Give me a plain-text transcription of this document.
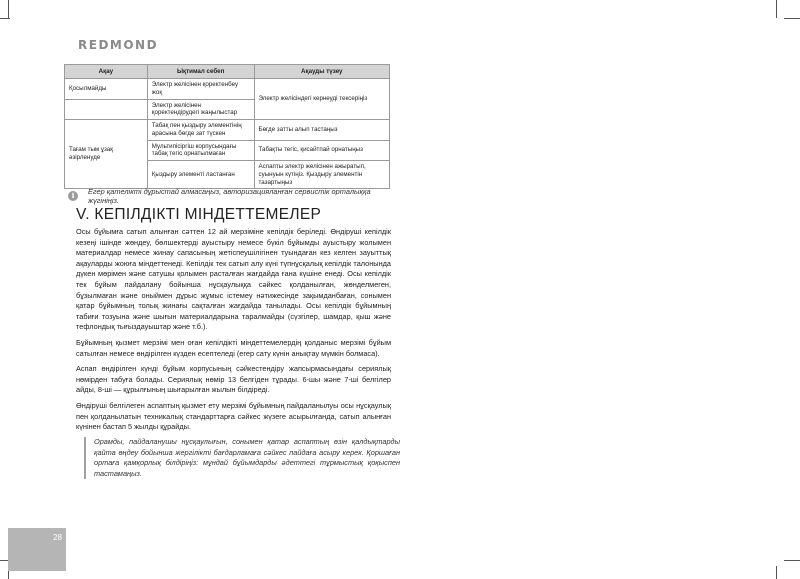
REDMOND
Ақау	Ықтимал себеп	Ақауды түзеу
Қосылмайды	Электр желісінен қоректенбеу жоқ	Электр желісіндегі кернеуді тексеріңіз
	Электр желісінен қоректендірудегі жаңылыстар	
Тағам тым ұзақ әзірленуде	Табақ пен қыздыру элементінің арасына бөгде зат түскен	Бөгде затты алып тастаңыз
	Мультипісіргіш корпусындағы табақ тегіс орнатылмаған	Табақты тегіс, қисайтпай орнатыңыз
	Қыздыру элементі ластанған	Аспапты электр желісінен ажыратып, суынуын күтіңіз. Қыздыру элементін тазартыңыз
i	Егер қателікті дұрыстай алмасаңыз, авторизацияланған сервистік орталыққа жүгініңіз.
V. КЕПІЛДІКТІ МІНДЕТТЕМЕЛЕР

Осы бұйымға сатып алынған сәттен 12 ай мерзіміне кепілдік беріледі. Өндіруші кепілдік кезеңі ішінде жөндеу, бөлшектерді ауыстыру немесе бүкіл бұйымды ауыстыру жолымен материалдар немесе жинау сапасының жетіспеушілігінен туындаған кез келген зауыттық ақауларды жоюға міндеттенеді. Кепілдік тек сатып алу күні түпнұсқалық кепілдік талонында дүкен мөрімен және сатушы қолымен расталған жағдайда ғана күшіне енеді. Осы кепілдік тек бұйым пайдалану бойынша нұсқаулыққа сәйкес қолданылған, жөнделмеген, бұзылмаған және оныймен дұрыс жұмыс істемеу нәтижесінде зақымданбаған, сонымен қатар бұйымның толық жинағы сақталған жағдайда танылады. Осы кепілдік бұйымның табиғи тозуына және шығын материалдарына таралмайды (сүзгілер, шамдар, қыш және тефлондық тығыздауыштар және т.б.).

Бұйымның қызмет мерзімі мен оған кепілдікті міндеттемелердің қолданыс мерзімі бұйым сатылған немесе өндірілген күзден есептеледі (егер сату күнін анықтау мүмкін болмаса).

Аспап өндірілген күнді бұйым корпусының сәйкестендіру жапсырмасындағы сериялық нөмірден табуға болады. Сериялық нөмір 13 белгіден тұрады. 6-шы және 7-ші белгілер айды, 8-ші — құрылғының шығарылған жылын білдіреді.

Өндіруші белгілеген аспаптың қызмет ету мерзімі бұйымның пайдаланылуы осы нұсқаулық пен қолданылатын техникалық стандарттарға сәйкес жүзеге асырылғанда, сатып алынған күнінен бастап 5 жылды құрайды.

Орамды, пайдаланушы нұсқаулығын, сонымен қатар аспаптың өзін қалдықтарды қайта өңдеу бойынша жергілікті бағдарламаға сәйкес пайдаға асыру керек. Қоршаған ортаға қамқорлық білдіріңіз: мұндай бұйымдарды әдеттегі тұрмыстық қоқыспен тастамаңыз.
28
